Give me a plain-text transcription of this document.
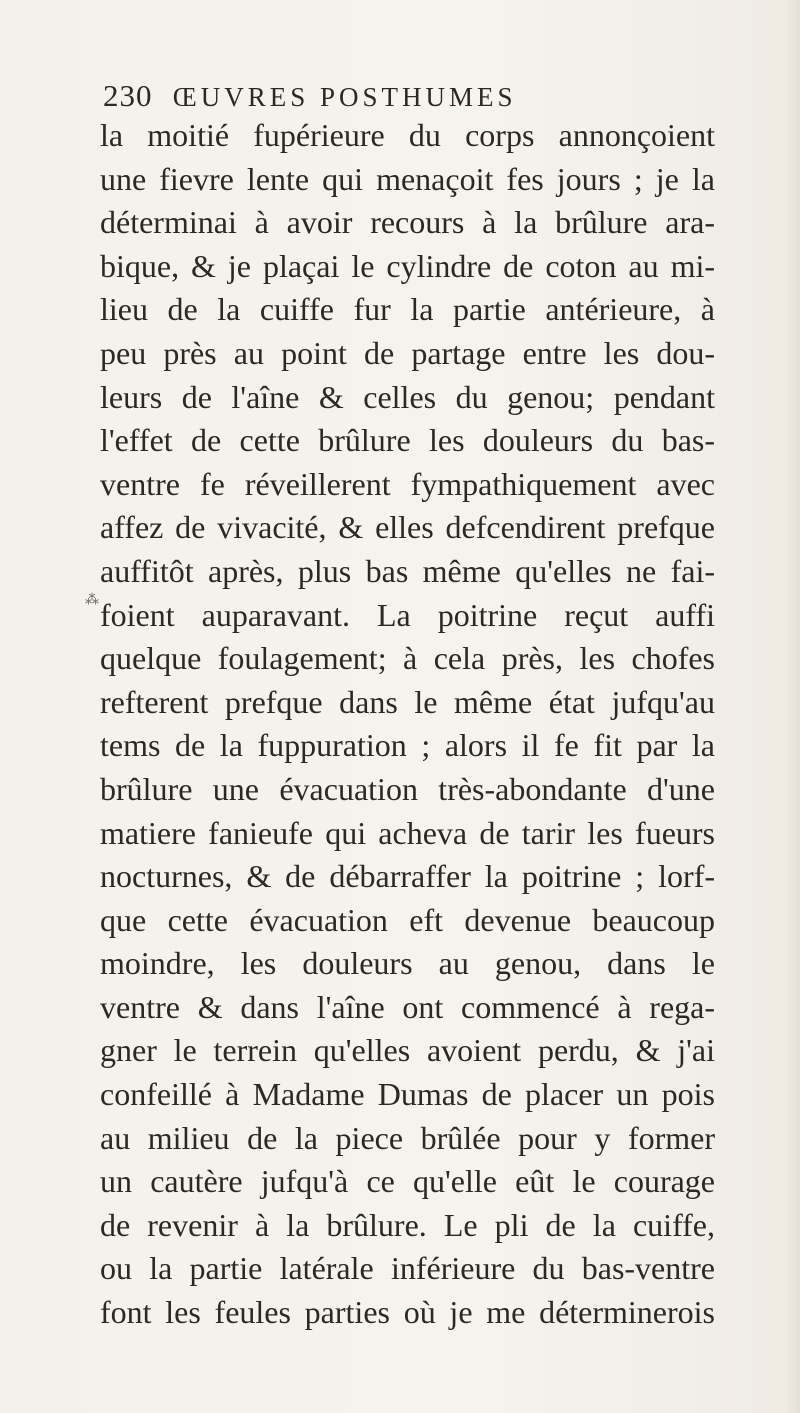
230 ŒUVRES POSTHUMES
⁂
la moitié fupérieure du corps annonçoient
une fievre lente qui menaçoit fes jours ; je la
déterminai à avoir recours à la brûlure ara-
bique, & je plaçai le cylindre de coton au mi-
lieu de la cuiffe fur la partie antérieure, à
peu près au point de partage entre les dou-
leurs de l'aîne & celles du genou; pendant
l'effet de cette brûlure les douleurs du bas-
ventre fe réveillerent fympathiquement avec
affez de vivacité, & elles defcendirent prefque
auffitôt après, plus bas même qu'elles ne fai-
foient auparavant. La poitrine reçut auffi
quelque foulagement; à cela près, les chofes
refterent prefque dans le même état jufqu'au
tems de la fuppuration ; alors il fe fit par la
brûlure une évacuation très-abondante d'une
matiere fanieufe qui acheva de tarir les fueurs
nocturnes, & de débarraffer la poitrine ; lorf-
que cette évacuation eft devenue beaucoup
moindre, les douleurs au genou, dans le
ventre & dans l'aîne ont commencé à rega-
gner le terrein qu'elles avoient perdu, & j'ai
confeillé à Madame Dumas de placer un pois
au milieu de la piece brûlée pour y former
un cautère jufqu'à ce qu'elle eût le courage
de revenir à la brûlure. Le pli de la cuiffe,
ou la partie latérale inférieure du bas-ventre
font les feules parties où je me déterminerois
